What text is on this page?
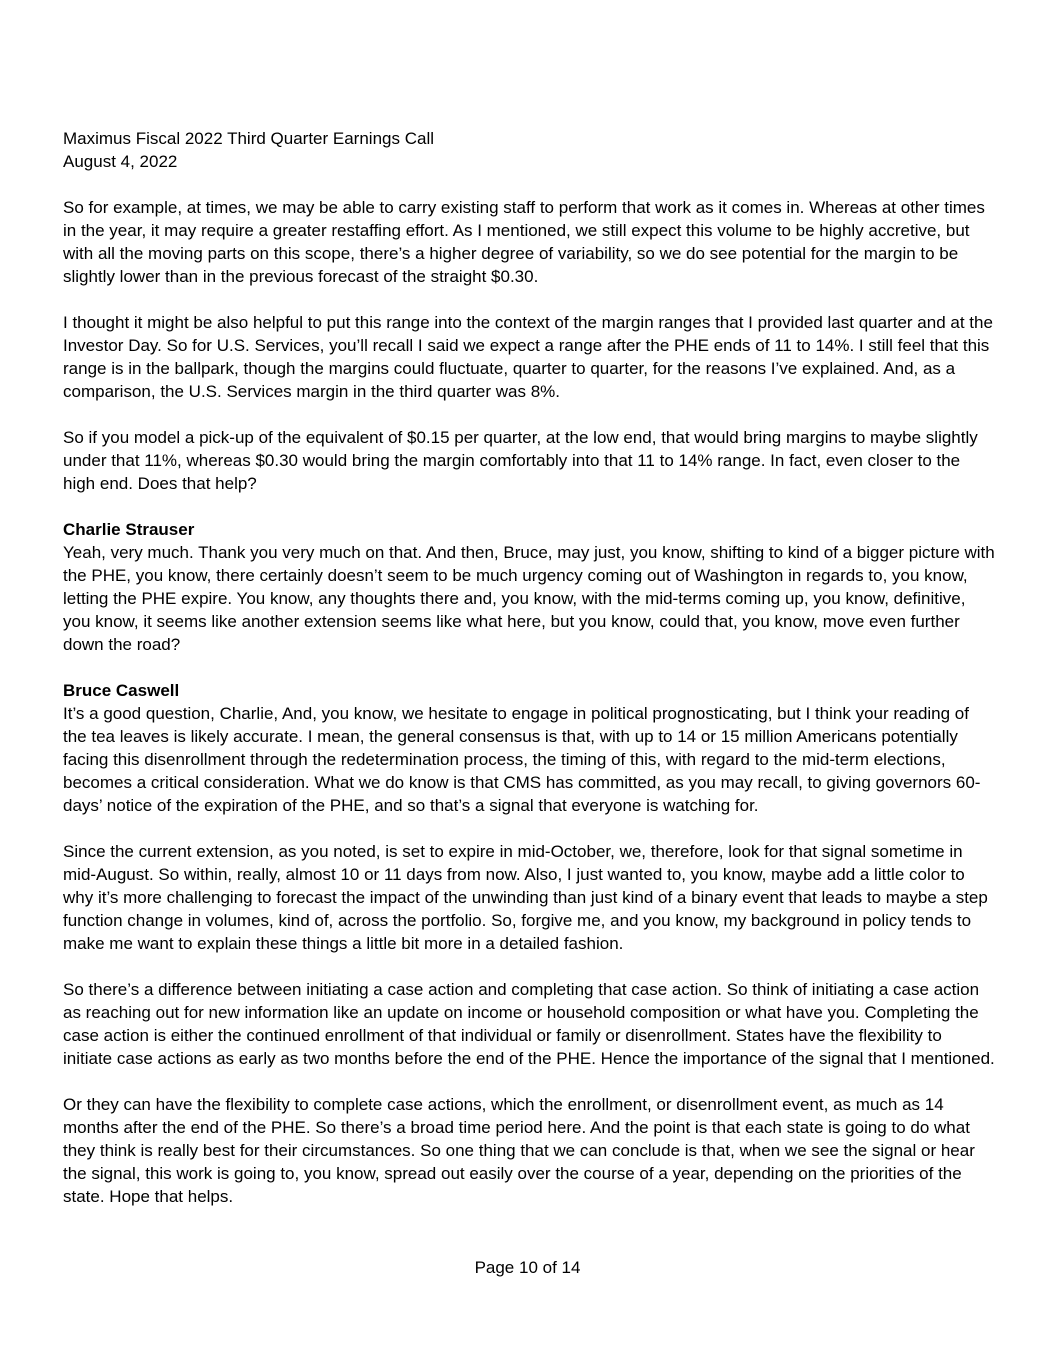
Maximus Fiscal 2022 Third Quarter Earnings Call
August 4, 2022

So for example, at times, we may be able to carry existing staff to perform that work as it comes in. Whereas at other times in the year, it may require a greater restaffing effort. As I mentioned, we still expect this volume to be highly accretive, but with all the moving parts on this scope, there’s a higher degree of variability, so we do see potential for the margin to be slightly lower than in the previous forecast of the straight $0.30.

I thought it might be also helpful to put this range into the context of the margin ranges that I provided last quarter and at the Investor Day. So for U.S. Services, you’ll recall I said we expect a range after the PHE ends of 11 to 14%. I still feel that this range is in the ballpark, though the margins could fluctuate, quarter to quarter, for the reasons I’ve explained. And, as a comparison, the U.S. Services margin in the third quarter was 8%.

So if you model a pick-up of the equivalent of $0.15 per quarter, at the low end, that would bring margins to maybe slightly under that 11%, whereas $0.30 would bring the margin comfortably into that 11 to 14% range. In fact, even closer to the high end. Does that help?

Charlie Strauser

Yeah, very much. Thank you very much on that. And then, Bruce, may just, you know, shifting to kind of a bigger picture with the PHE, you know, there certainly doesn’t seem to be much urgency coming out of Washington in regards to, you know, letting the PHE expire. You know, any thoughts there and, you know, with the mid-terms coming up, you know, definitive, you know, it seems like another extension seems like what here, but you know, could that, you know, move even further down the road?

Bruce Caswell

It’s a good question, Charlie, And, you know, we hesitate to engage in political prognosticating, but I think your reading of the tea leaves is likely accurate. I mean, the general consensus is that, with up to 14 or 15 million Americans potentially facing this disenrollment through the redetermination process, the timing of this, with regard to the mid-term elections, becomes a critical consideration. What we do know is that CMS has committed, as you may recall, to giving governors 60-days’ notice of the expiration of the PHE, and so that’s a signal that everyone is watching for.

Since the current extension, as you noted, is set to expire in mid-October, we, therefore, look for that signal sometime in mid-August. So within, really, almost 10 or 11 days from now. Also, I just wanted to, you know, maybe add a little color to why it’s more challenging to forecast the impact of the unwinding than just kind of a binary event that leads to maybe a step function change in volumes, kind of, across the portfolio. So, forgive me, and you know, my background in policy tends to make me want to explain these things a little bit more in a detailed fashion.

So there’s a difference between initiating a case action and completing that case action. So think of initiating a case action as reaching out for new information like an update on income or household composition or what have you. Completing the case action is either the continued enrollment of that individual or family or disenrollment. States have the flexibility to initiate case actions as early as two months before the end of the PHE. Hence the importance of the signal that I mentioned.

Or they can have the flexibility to complete case actions, which the enrollment, or disenrollment event, as much as 14 months after the end of the PHE. So there’s a broad time period here. And the point is that each state is going to do what they think is really best for their circumstances. So one thing that we can conclude is that, when we see the signal or hear the signal, this work is going to, you know, spread out easily over the course of a year, depending on the priorities of the state. Hope that helps.

Page 10 of 14
